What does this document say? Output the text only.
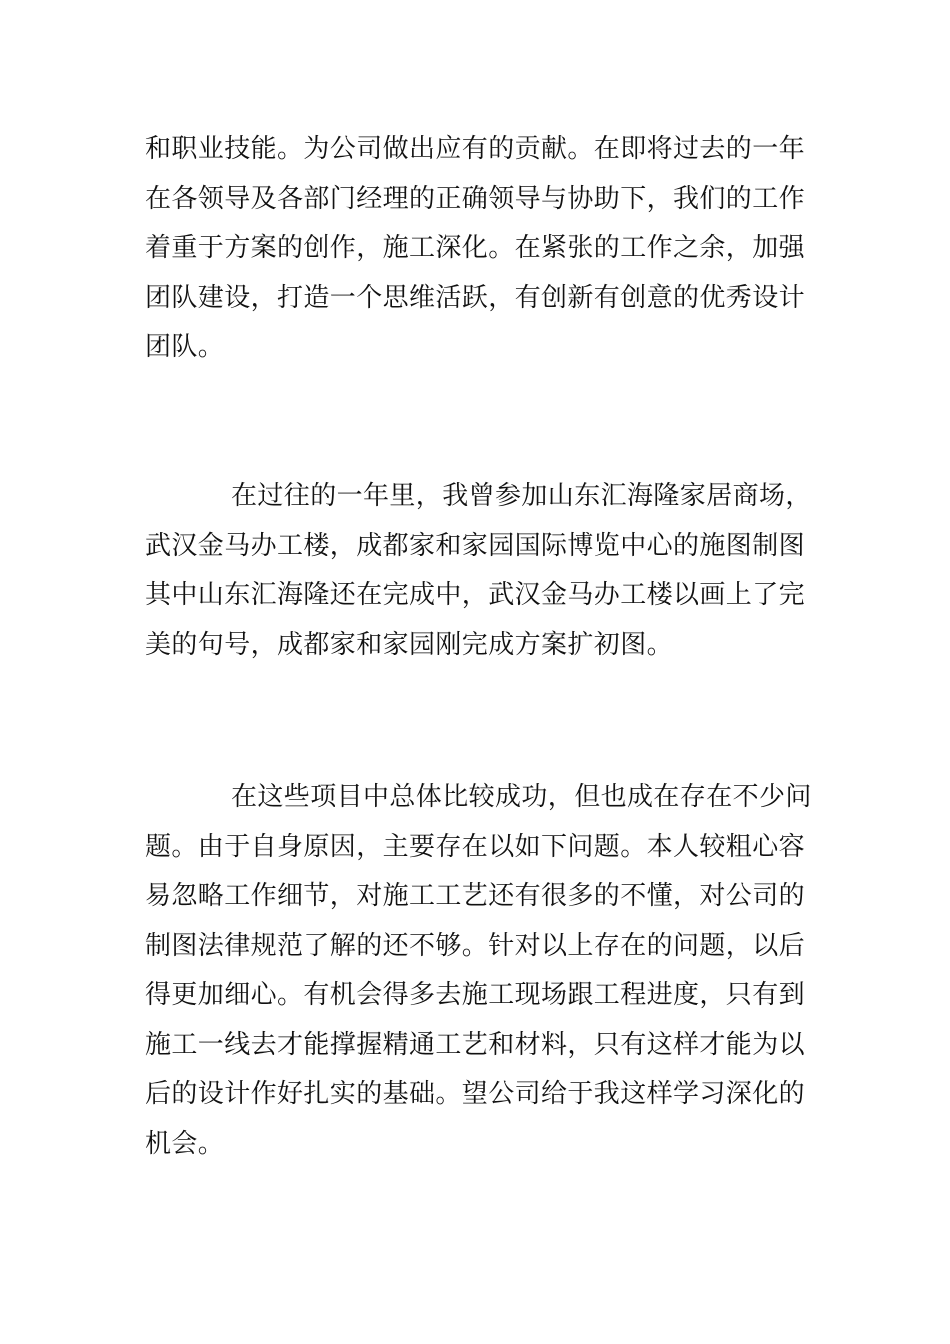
和职业技能。为公司做出应有的贡献。在即将过去的一年
在各领导及各部门经理的正确领导与协助下，我们的工作
着重于方案的创作，施工深化。在紧张的工作之余，加强
团队建设，打造一个思维活跃，有创新有创意的优秀设计
团队。
在过往的一年里，我曾参加山东汇海隆家居商场，
武汉金马办工楼，成都家和家园国际博览中心的施图制图
其中山东汇海隆还在完成中，武汉金马办工楼以画上了完
美的句号，成都家和家园刚完成方案扩初图。
在这些项目中总体比较成功，但也成在存在不少问
题。由于自身原因，主要存在以如下问题。本人较粗心容
易忽略工作细节，对施工工艺还有很多的不懂，对公司的
制图法律规范了解的还不够。针对以上存在的问题，以后
得更加细心。有机会得多去施工现场跟工程进度，只有到
施工一线去才能撑握精通工艺和材料，只有这样才能为以
后的设计作好扎实的基础。望公司给于我这样学习深化的
机会。
